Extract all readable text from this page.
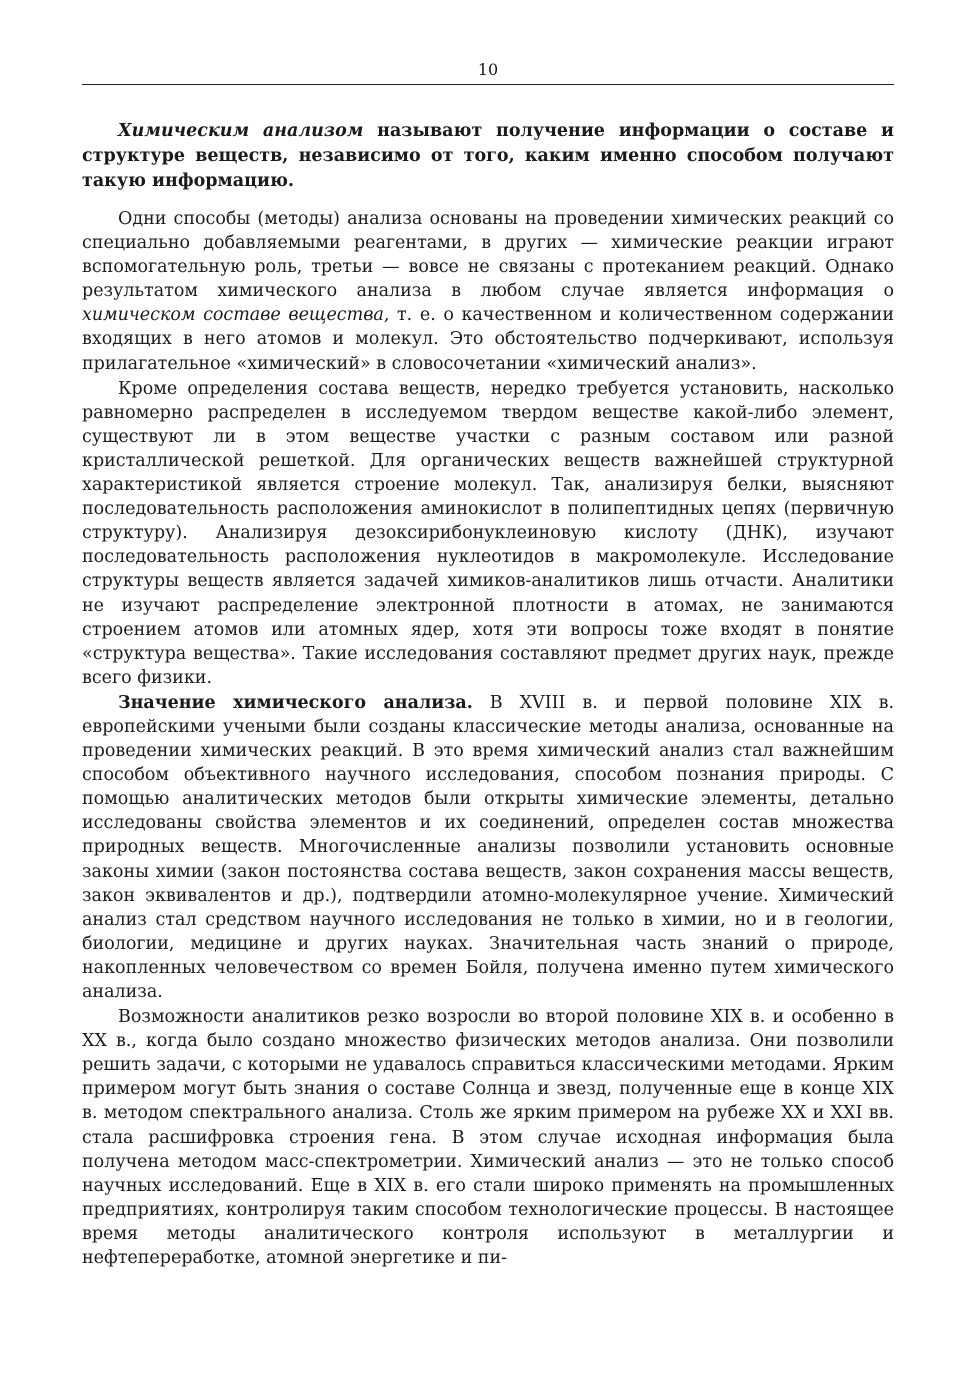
10

Химическим анализом называют получение информации о составе и структуре веществ, независимо от того, каким именно способом получают такую информацию.

Одни способы (методы) анализа основаны на проведении химических реакций со специально добавляемыми реагентами, в других — химические реакции играют вспомогательную роль, третьи — вовсе не связаны с протеканием реакций. Однако результатом химического анализа в любом случае является информация о химическом составе вещества, т. е. о качественном и количественном содержании входящих в него атомов и молекул. Это обстоятельство подчеркивают, используя прилагательное «химический» в словосочетании «химический анализ».

Кроме определения состава веществ, нередко требуется установить, насколько равномерно распределен в исследуемом твердом веществе какой-либо элемент, существуют ли в этом веществе участки с разным составом или разной кристаллической решеткой. Для органических веществ важнейшей структурной характеристикой является строение молекул. Так, анализируя белки, выясняют последовательность расположения аминокислот в полипептидных цепях (первичную структуру). Анализируя дезоксирибонуклеиновую кислоту (ДНК), изучают последовательность расположения нуклеотидов в макромолекуле. Исследование структуры веществ является задачей химиков-аналитиков лишь отчасти. Аналитики не изучают распределение электронной плотности в атомах, не занимаются строением атомов или атомных ядер, хотя эти вопросы тоже входят в понятие «структура вещества». Такие исследования составляют предмет других наук, прежде всего физики.

Значение химического анализа. В XVIII в. и первой половине XIX в. европейскими учеными были созданы классические методы анализа, основанные на проведении химических реакций. В это время химический анализ стал важнейшим способом объективного научного исследования, способом познания природы. С помощью аналитических методов были открыты химические элементы, детально исследованы свойства элементов и их соединений, определен состав множества природных веществ. Многочисленные анализы позволили установить основные законы химии (закон постоянства состава веществ, закон сохранения массы веществ, закон эквивалентов и др.), подтвердили атомно-молекулярное учение. Химический анализ стал средством научного исследования не только в химии, но и в геологии, биологии, медицине и других науках. Значительная часть знаний о природе, накопленных человечеством со времен Бойля, получена именно путем химического анализа.

Возможности аналитиков резко возросли во второй половине XIX в. и особенно в XX в., когда было создано множество физических методов анализа. Они позволили решить задачи, с которыми не удавалось справиться классическими методами. Ярким примером могут быть знания о составе Солнца и звезд, полученные еще в конце XIX в. методом спектрального анализа. Столь же ярким примером на рубеже XX и XXI вв. стала расшифровка строения гена. В этом случае исходная информация была получена методом масс-спектрометрии. Химический анализ — это не только способ научных исследований. Еще в XIX в. его стали широко применять на промышленных предприятиях, контролируя таким способом технологические процессы. В настоящее время методы аналитического контроля используют в металлургии и нефтепереработке, атомной энергетике и пи-
